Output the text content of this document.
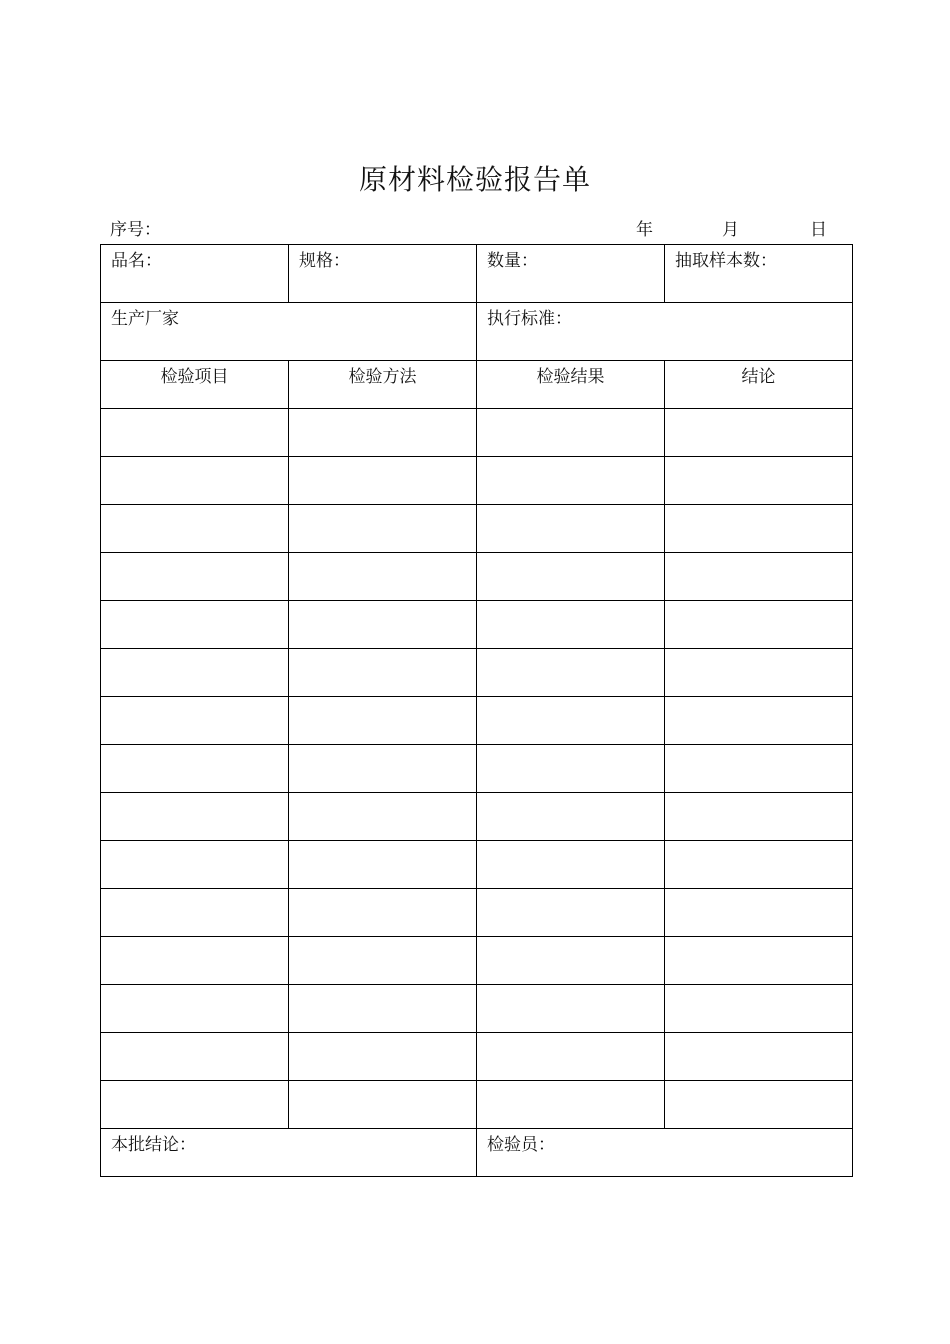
原材料检验报告单
序号：	年	月	日
品名：	规格：	数量：	抽取样本数：

生产厂家		执行标准：	

检验项目	检验方法	检验结果	结论

本批结论：		检验员：	
